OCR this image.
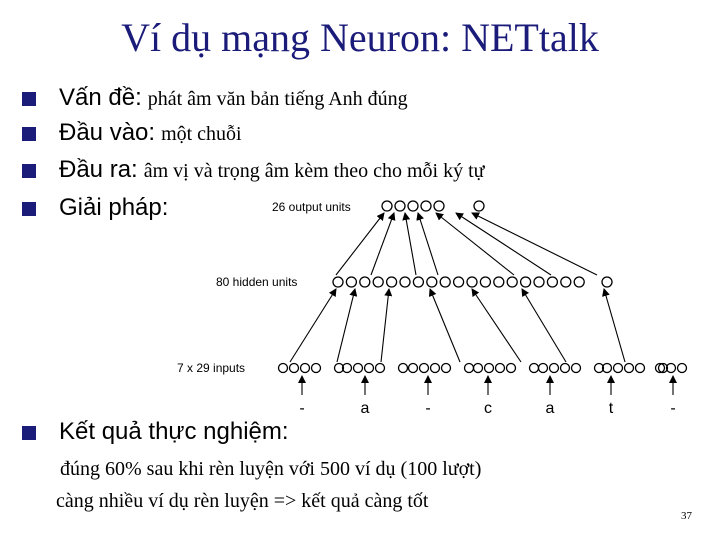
Ví dụ mạng Neuron: NETtalk
Vấn đề: phát âm văn bản tiếng Anh đúng
Đầu vào: một chuỗi
Đầu ra: âm vị và trọng âm kèm theo cho mỗi ký tự
Giải pháp:	26 output units
80 hidden units
7 x 29 inputs
-	a	-	c	a	t	-
Kết quả thực nghiệm:
đúng 60% sau khi rèn luyện với 500 ví dụ (100 lượt)
càng nhiều ví dụ rèn luyện => kết quả càng tốt
37
